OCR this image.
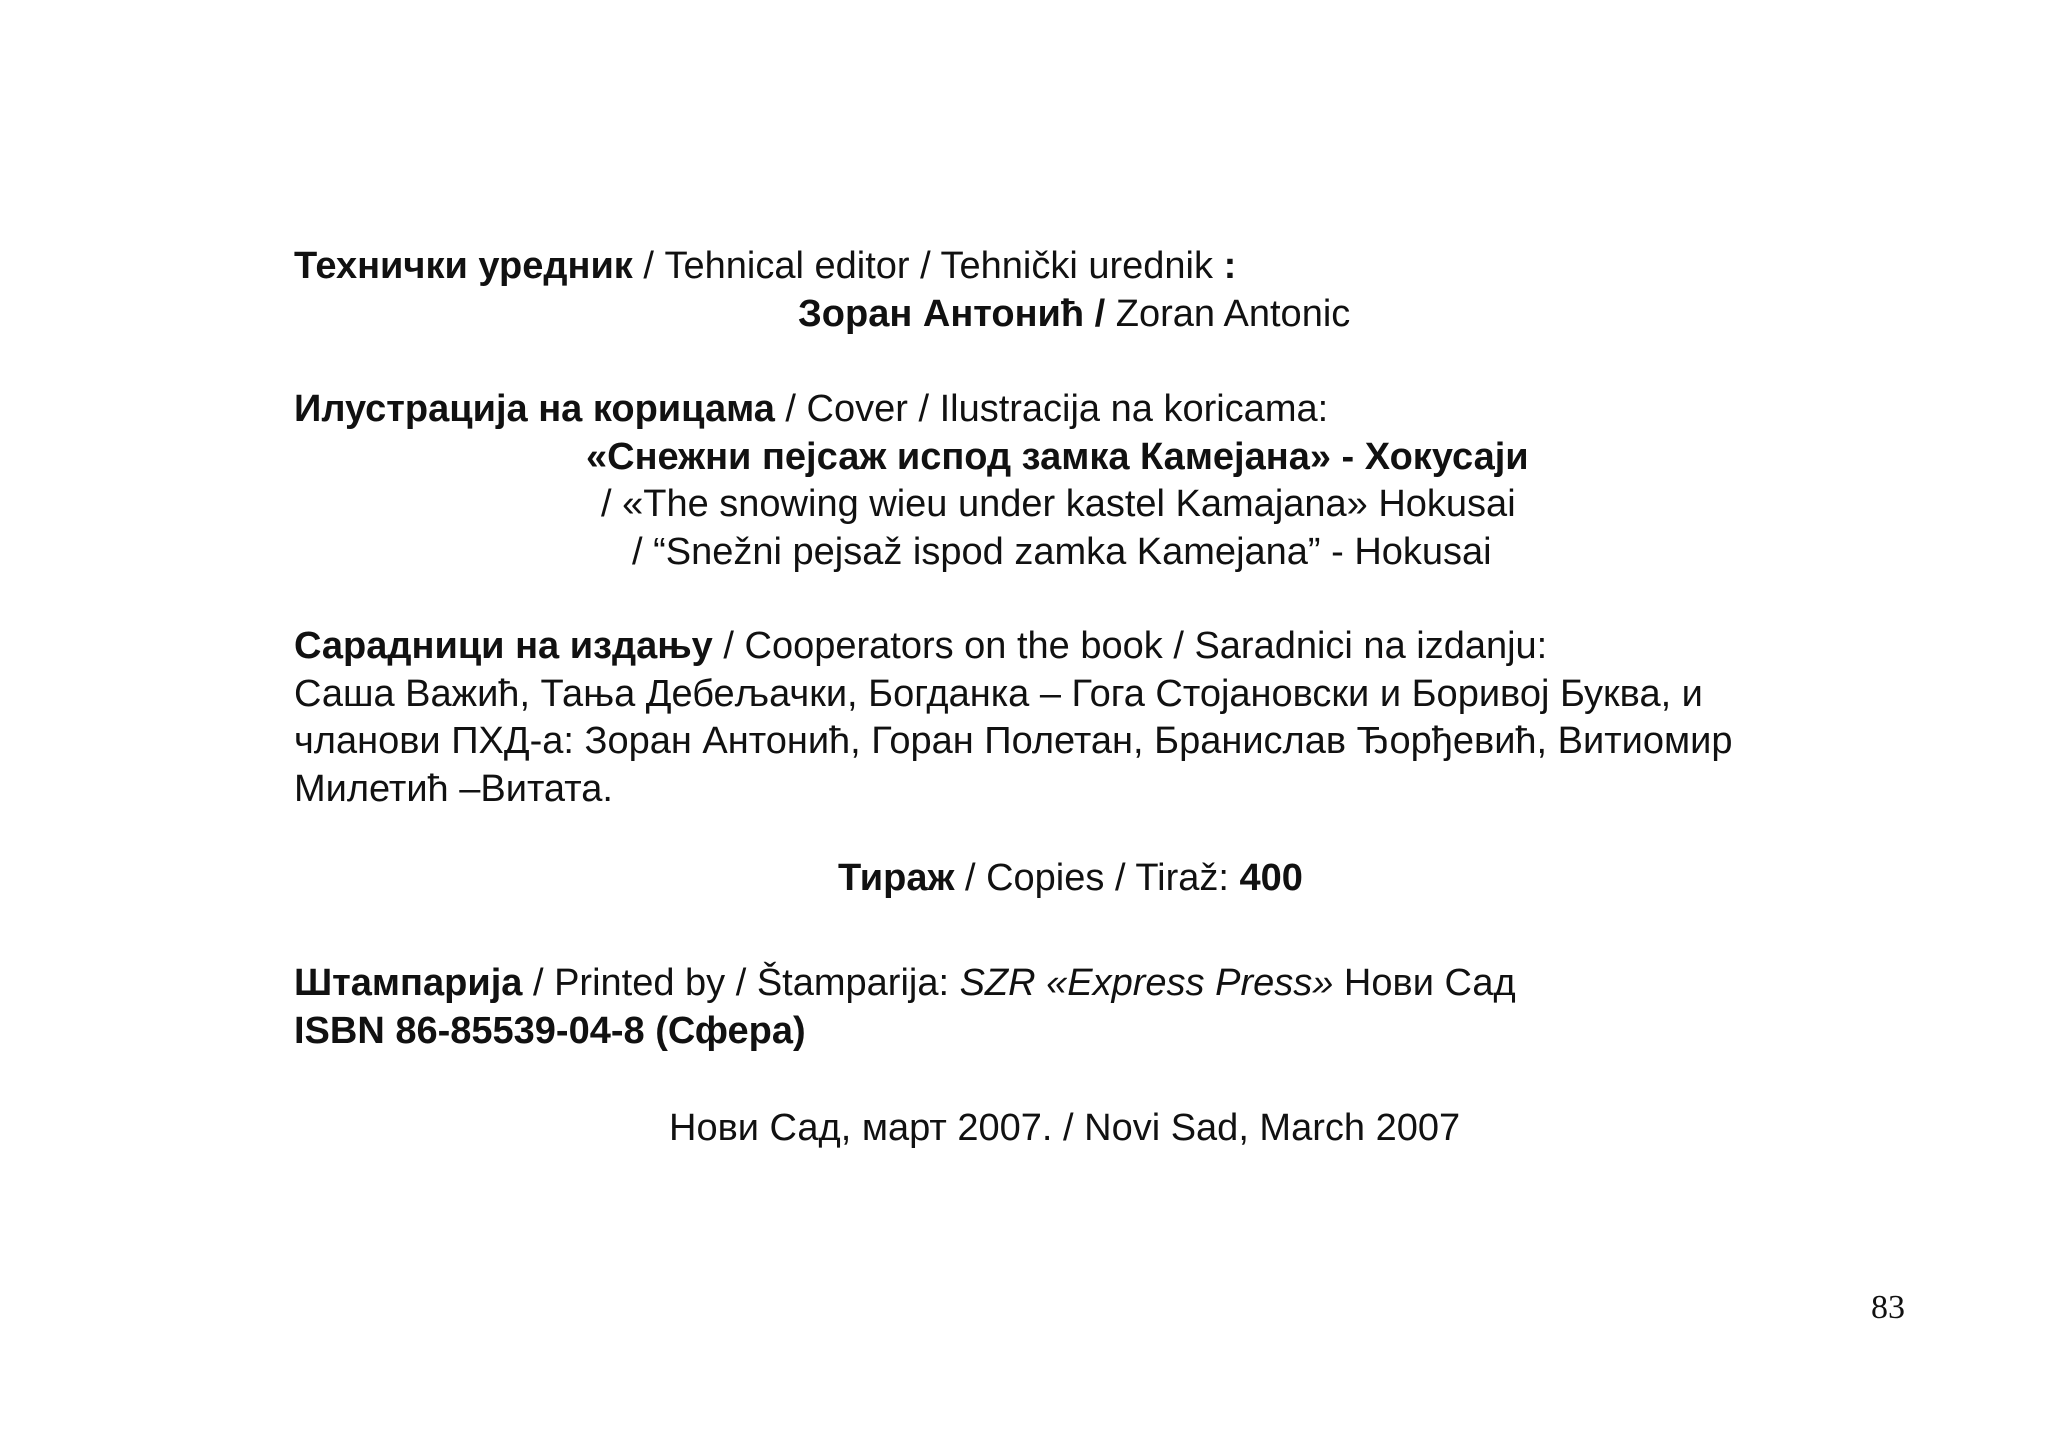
Технички уредник / Tehnical editor / Tehnički urednik :

Зоран Антонић / Zoran Antonic

Илустрација на корицама / Cover / Ilustracija na koricama:

«Снежни пејсаж испод замка Камејана» - Хокусаји

/ «The snowing wieu under kastel Kamajana» Hokusai

/ “Snežni pejsaž ispod zamka Kamejana” - Hokusai

Сарадници на издању / Cooperators on the book / Saradnici na izdanju:

Саша Важић, Тања Дебељачки, Богданка – Гога Стојановски и Боривој Буква, и

чланови ПХД-а: Зоран Антонић, Горан Полетан, Бранислав Ђорђевић, Витиомир

Милетић –Витата.

Тираж / Copies / Tiraž: 400

Штампарија / Printed by / Štamparija: SZR «Express Press» Нови Сад

ISBN 86-85539-04-8 (Сфера)

Нови Сад, март 2007. / Novi Sad, March 2007

83
